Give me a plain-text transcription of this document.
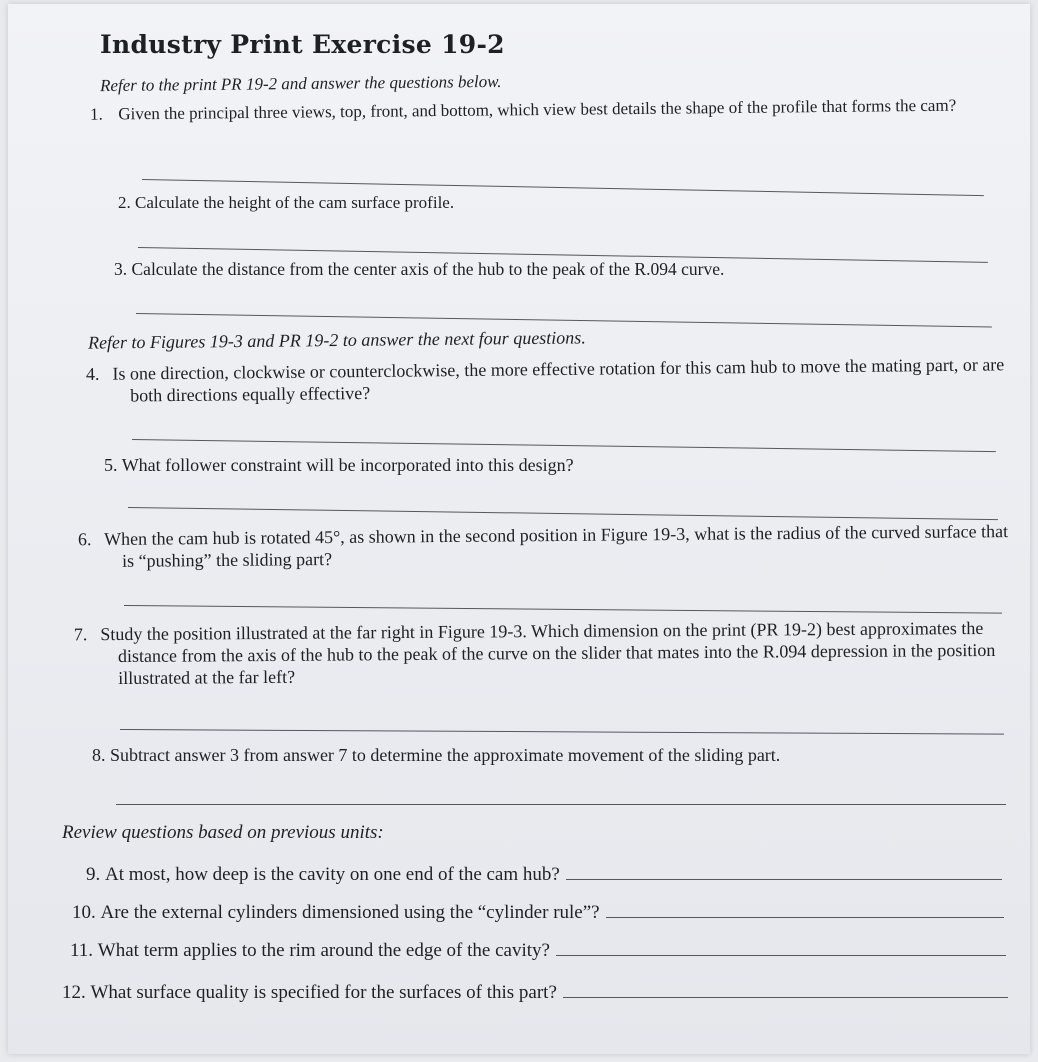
Industry Print Exercise 19-2
Refer to the print PR 19-2 and answer the questions below.
1. Given the principal three views, top, front, and bottom, which view best details the shape of the profile that forms the cam?
2. Calculate the height of the cam surface profile.
3. Calculate the distance from the center axis of the hub to the peak of the R.094 curve.
Refer to Figures 19-3 and PR 19-2 to answer the next four questions.
4. Is one direction, clockwise or counterclockwise, the more effective rotation for this cam hub to move the mating part, or are both directions equally effective?
5. What follower constraint will be incorporated into this design?
6. When the cam hub is rotated 45°, as shown in the second position in Figure 19-3, what is the radius of the curved surface that is “pushing” the sliding part?
7. Study the position illustrated at the far right in Figure 19-3. Which dimension on the print (PR 19-2) best approximates the distance from the axis of the hub to the peak of the curve on the slider that mates into the R.094 depression in the position illustrated at the far left?
8. Subtract answer 3 from answer 7 to determine the approximate movement of the sliding part.
Review questions based on previous units:
9.
At most, how deep is the cavity on one end of the cam hub?
10.
Are the external cylinders dimensioned using the “cylinder rule”?
11.
What term applies to the rim around the edge of the cavity?
12.
What surface quality is specified for the surfaces of this part?
